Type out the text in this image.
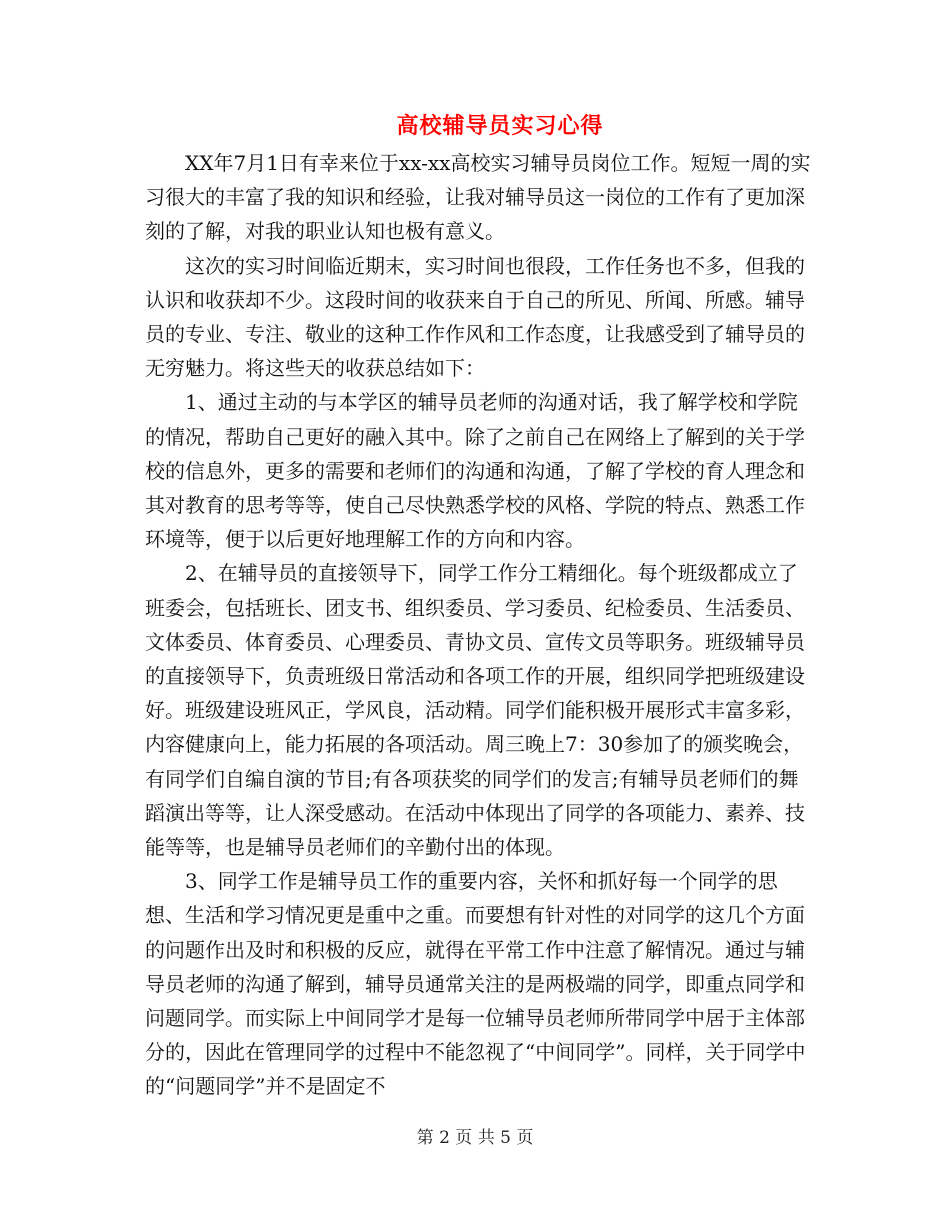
高校辅导员实习心得

XX年7月1日有幸来位于xx-xx高校实习辅导员岗位工作。短短一周的实习很大的丰富了我的知识和经验，让我对辅导员这一岗位的工作有了更加深刻的了解，对我的职业认知也极有意义。

这次的实习时间临近期末，实习时间也很段，工作任务也不多，但我的认识和收获却不少。这段时间的收获来自于自己的所见、所闻、所感。辅导员的专业、专注、敬业的这种工作作风和工作态度，让我感受到了辅导员的无穷魅力。将这些天的收获总结如下：

1、通过主动的与本学区的辅导员老师的沟通对话，我了解学校和学院的情况，帮助自己更好的融入其中。除了之前自己在网络上了解到的关于学校的信息外，更多的需要和老师们的沟通和沟通，了解了学校的育人理念和其对教育的思考等等，使自己尽快熟悉学校的风格、学院的特点、熟悉工作环境等，便于以后更好地理解工作的方向和内容。

2、在辅导员的直接领导下，同学工作分工精细化。每个班级都成立了班委会，包括班长、团支书、组织委员、学习委员、纪检委员、生活委员、文体委员、体育委员、心理委员、青协文员、宣传文员等职务。班级辅导员的直接领导下，负责班级日常活动和各项工作的开展，组织同学把班级建设好。班级建设班风正，学风良，活动精。同学们能积极开展形式丰富多彩，内容健康向上，能力拓展的各项活动。周三晚上7：30参加了的颁奖晚会，有同学们自编自演的节目;有各项获奖的同学们的发言;有辅导员老师们的舞蹈演出等等，让人深受感动。在活动中体现出了同学的各项能力、素养、技能等等，也是辅导员老师们的辛勤付出的体现。

3、同学工作是辅导员工作的重要内容，关怀和抓好每一个同学的思想、生活和学习情况更是重中之重。而要想有针对性的对同学的这几个方面的问题作出及时和积极的反应，就得在平常工作中注意了解情况。通过与辅导员老师的沟通了解到，辅导员通常关注的是两极端的同学，即重点同学和问题同学。而实际上中间同学才是每一位辅导员老师所带同学中居于主体部分的，因此在管理同学的过程中不能忽视了“中间同学”。同样，关于同学中的“问题同学”并不是固定不

第 2 页 共 5 页
